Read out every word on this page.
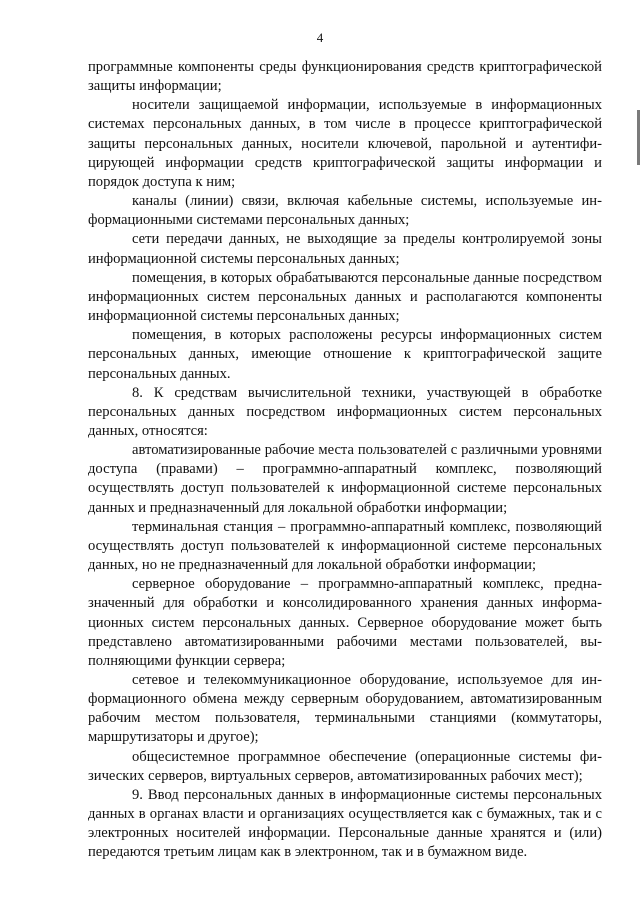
4

программные компоненты среды функционирования средств криптографической защиты информации;

носители защищаемой информации, используемые в информационных системах персональных данных, в том числе в процессе криптографической защиты персональных данных, носители ключевой, парольной и аутентифицирующей информации средств криптографической защиты информации и порядок доступа к ним;

каналы (линии) связи, включая кабельные системы, используемые информационными системами персональных данных;

сети передачи данных, не выходящие за пределы контролируемой зоны информационной системы персональных данных;

помещения, в которых обрабатываются персональные данные посредством информационных систем персональных данных и располагаются компоненты информационной системы персональных данных;

помещения, в которых расположены ресурсы информационных систем персональных данных, имеющие отношение к криптографической защите персональных данных.

8. К средствам вычислительной техники, участвующей в обработке персональных данных посредством информационных систем персональных данных, относятся:

автоматизированные рабочие места пользователей с различными уровнями доступа (правами) – программно-аппаратный комплекс, позволяющий осуществлять доступ пользователей к информационной системе персональных данных и предназначенный для локальной обработки информации;

терминальная станция – программно-аппаратный комплекс, позволяющий осуществлять доступ пользователей к информационной системе персональных данных, но не предназначенный для локальной обработки информации;

серверное оборудование – программно-аппаратный комплекс, предназначенный для обработки и консолидированного хранения данных информационных систем персональных данных. Серверное оборудование может быть представлено автоматизированными рабочими местами пользователей, выполняющими функции сервера;

сетевое и телекоммуникационное оборудование, используемое для информационного обмена между серверным оборудованием, автоматизированным рабочим местом пользователя, терминальными станциями (коммутаторы, маршрутизаторы и другое);

общесистемное программное обеспечение (операционные системы физических серверов, виртуальных серверов, автоматизированных рабочих мест);

9. Ввод персональных данных в информационные системы персональных данных в органах власти и организациях осуществляется как с бумажных, так и с электронных носителей информации. Персональные данные хранятся и (или) передаются третьим лицам как в электронном, так и в бумажном виде.
